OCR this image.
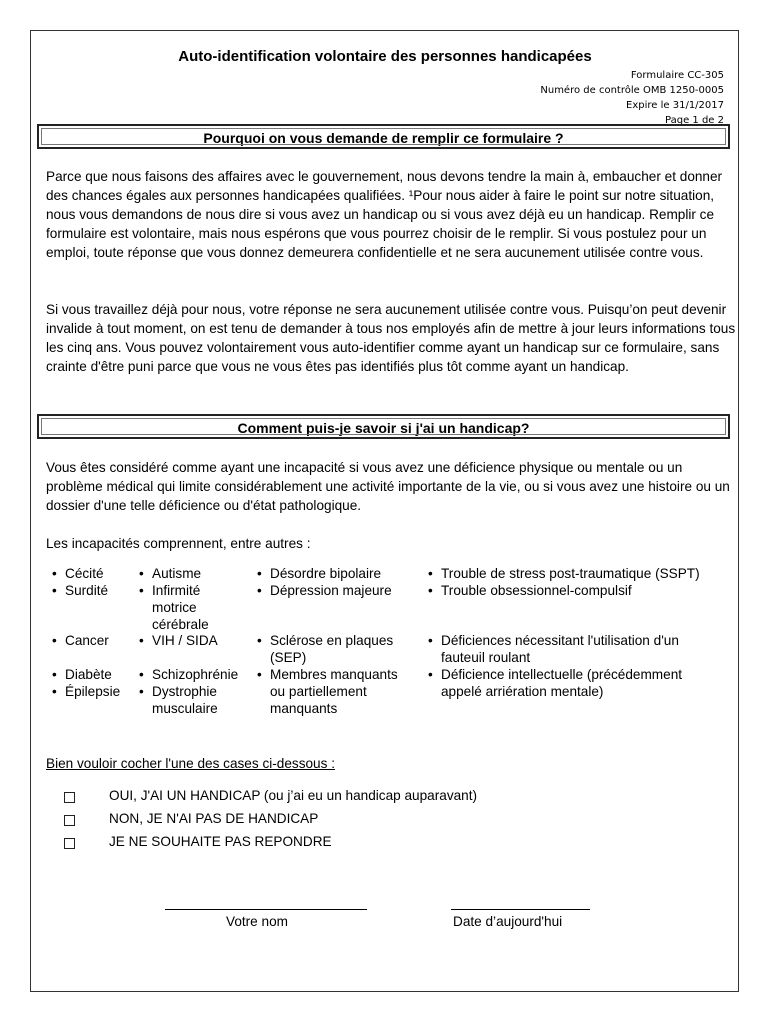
Auto-identification volontaire des personnes handicapées
Formulaire CC-305
Numéro de contrôle OMB 1250-0005
Expire le 31/1/2017
Page 1 de 2
Pourquoi on vous demande de remplir ce formulaire ?
Parce que nous faisons des affaires avec le gouvernement, nous devons tendre la main à, embaucher et donner des chances égales aux personnes handicapées qualifiées. ¹Pour nous aider à faire le point sur notre situation, nous vous demandons de nous dire si vous avez un handicap ou si vous avez déjà eu un handicap. Remplir ce formulaire est volontaire, mais nous espérons que vous pourrez choisir de le remplir. Si vous postulez pour un emploi, toute réponse que vous donnez demeurera confidentielle et ne sera aucunement utilisée contre vous.
Si vous travaillez déjà pour nous, votre réponse ne sera aucunement utilisée contre vous. Puisqu’on peut devenir invalide à tout moment, on est tenu de demander à tous nos employés afin de mettre à jour leurs informations tous les cinq ans. Vous pouvez volontairement vous auto-identifier comme ayant un handicap sur ce formulaire, sans crainte d'être puni parce que vous ne vous êtes pas identifiés plus tôt comme ayant un handicap.
Comment puis-je savoir si j'ai un handicap?
Vous êtes considéré comme ayant une incapacité si vous avez une déficience physique ou mentale ou un problème médical qui limite considérablement une activité importante de la vie, ou si vous avez une histoire ou un dossier d'une telle déficience ou d'état pathologique.
Les incapacités comprennent, entre autres :
• Cécité
• Surdité
• Cancer
• Diabète
• Épilepsie
• Autisme
• Infirmité motrice cérébrale
• VIH / SIDA
• Schizophrénie
• Dystrophie musculaire
• Désordre bipolaire
• Dépression majeure
• Sclérose en plaques (SEP)
• Membres manquants ou partiellement manquants
• Trouble de stress post-traumatique (SSPT)
• Trouble obsessionnel-compulsif
• Déficiences nécessitant l'utilisation d'un fauteuil roulant
• Déficience intellectuelle (précédemment appelé arriération mentale)
Bien vouloir cocher l'une des cases ci-dessous :
OUI, J'AI UN HANDICAP (ou j’ai eu un handicap auparavant)
NON, JE N'AI PAS DE HANDICAP
JE NE SOUHAITE PAS REPONDRE
Votre nom	Date d’aujourd'hui
